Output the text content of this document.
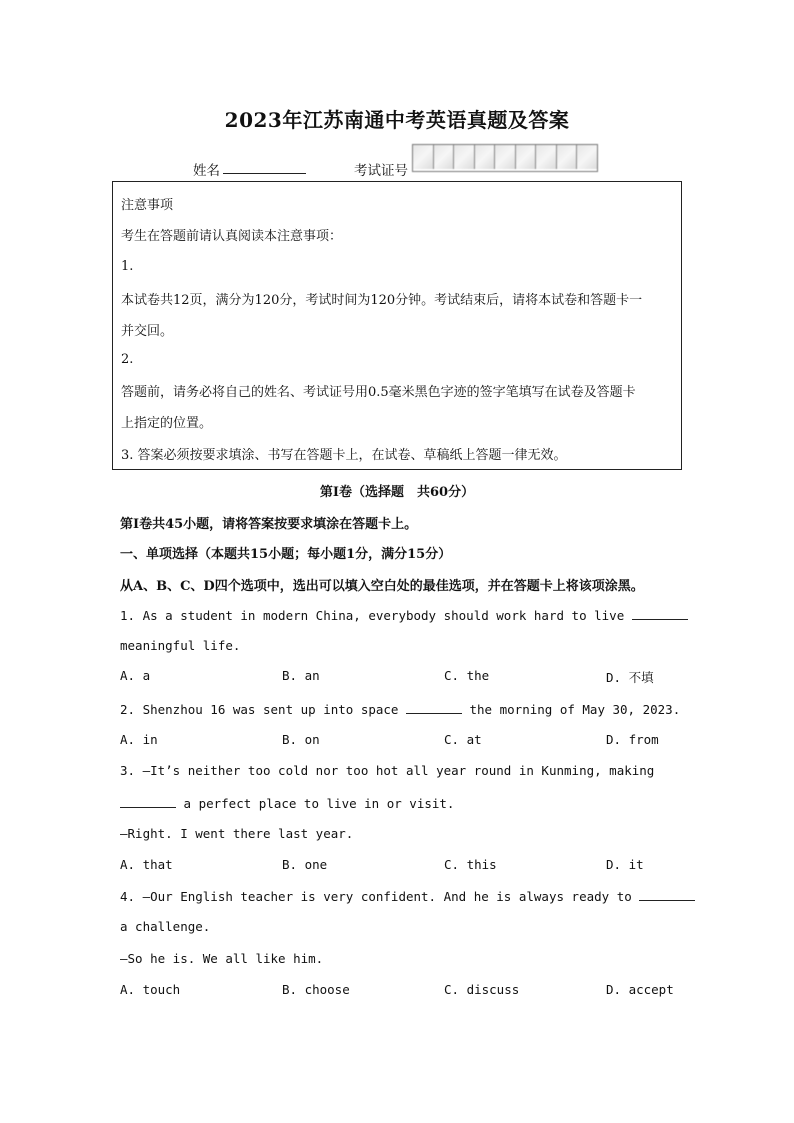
2023年江苏南通中考英语真题及答案
姓名	考试证号
注意事项
考生在答题前请认真阅读本注意事项：
1.
本试卷共12页，满分为120分，考试时间为120分钟。考试结束后，请将本试卷和答题卡一
并交回。
2.
答题前，请务必将自己的姓名、考试证号用0.5毫米黑色字迹的签字笔填写在试卷及答题卡
上指定的位置。
3. 答案必须按要求填涂、书写在答题卡上，在试卷、草稿纸上答题一律无效。
第Ⅰ卷（选择题　共60分）
第Ⅰ卷共45小题，请将答案按要求填涂在答题卡上。
一、单项选择（本题共15小题；每小题1分，满分15分）
从A、B、C、D四个选项中，选出可以填入空白处的最佳选项，并在答题卡上将该项涂黑。
1. As a student in modern China, everybody should work hard to live
meaningful life.
A. a	B. an	C. the	D. 不填
2. Shenzhou 16 was sent up into space	the morning of May 30, 2023.
A. in	B. on	C. at	D. from
3. —It’s neither too cold nor too hot all year round in Kunming, making
a perfect place to live in or visit.
—Right. I went there last year.
A. that	B. one	C. this	D. it
4. —Our English teacher is very confident. And he is always ready to
a challenge.
—So he is. We all like him.
A. touch	B. choose	C. discuss	D. accept
